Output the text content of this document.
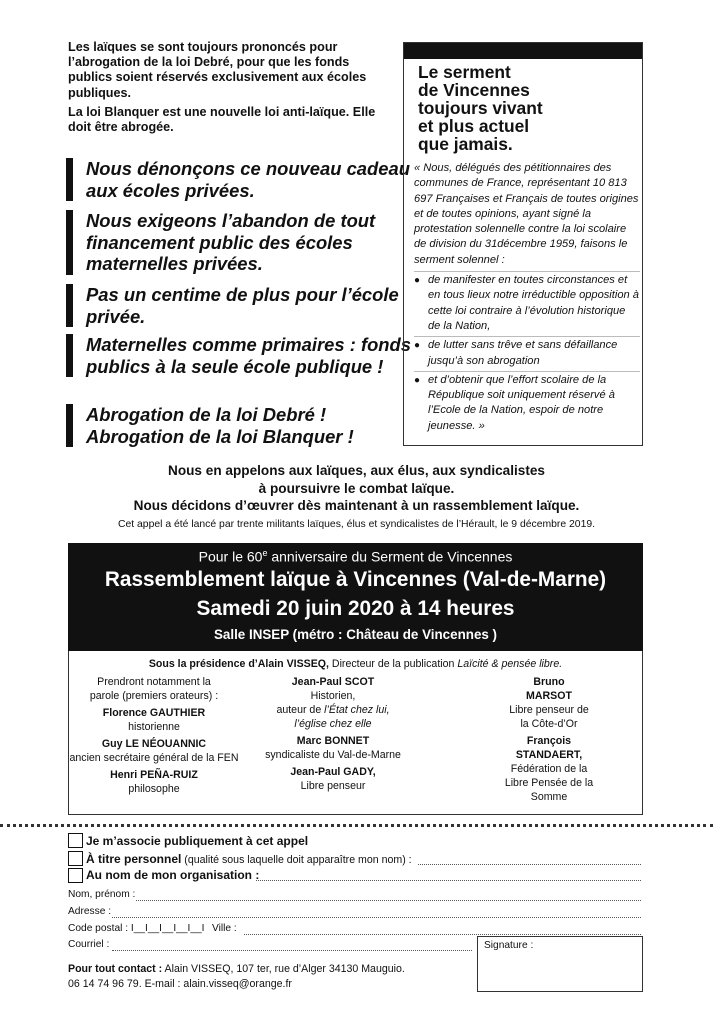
Les laïques se sont toujours prononcés pour l’abrogation de la loi Debré, pour que les fonds publics soient réservés exclusivement aux écoles publiques.

La loi Blanquer est une nouvelle loi anti-laïque. Elle doit être abrogée.

Nous dénonçons ce nouveau cadeau aux écoles privées.
Nous exigeons l’abandon de tout financement public des écoles maternelles privées.
Pas un centime de plus pour l’école privée.
Maternelles comme primaires : fonds publics à la seule école publique !
Abrogation de la loi Debré ! Abrogation de la loi Blanquer !
Le serment
de Vincennes
toujours vivant
et plus actuel
que jamais.

« Nous, délégués des pétitionnaires des communes de France, représentant 10 813 697 Françaises et Français de toutes origines et de toutes opinions, ayant signé la protestation solennelle contre la loi scolaire de division du 31décembre 1959, faisons le serment solennel :

● de manifester en toutes circonstances et en tous lieux notre irréductible opposition à cette loi contraire à l’évolution historique de la Nation,
● de lutter sans trêve et sans défaillance jusqu’à son abrogation
● et d’obtenir que l’effort scolaire de la République soit uniquement réservé à l’Ecole de la Nation, espoir de notre jeunesse. »
Nous en appelons aux laïques, aux élus, aux syndicalistes
à poursuivre le combat laïque.
Nous décidons d’œuvrer dès maintenant à un rassemblement laïque.
Cet appel a été lancé par trente militants laïques, élus et syndicalistes de l’Hérault, le 9 décembre 2019.
Pour le 60e anniversaire du Serment de Vincennes
Rassemblement laïque à Vincennes (Val-de-Marne)
Samedi 20 juin 2020 à 14 heures
Salle INSEP (métro : Château de Vincennes )
Sous la présidence d’Alain VISSEQ, Directeur de la publication Laïcité & pensée libre.

Prendront notamment la parole (premiers orateurs) :

Florence GAUTHIER
historienne

Guy LE NÉOUANNIC
ancien secrétaire général de la FEN

Henri PEÑA-RUIZ
philosophe

Jean-Paul SCOT
Historien,
auteur de l’État chez lui, l’église chez elle

Marc BONNET
syndicaliste du Val-de-Marne

Jean-Paul GADY,
Libre penseur

Bruno MARSOT
Libre penseur de la Côte-d’Or

François STANDAERT,
Fédération de la Libre Pensée de la Somme

Je m’associe publiquement à cet appel
À titre personnel (qualité sous laquelle doit apparaître mon nom) :
Au nom de mon organisation :
Nom, prénom :
Adresse :
Code postal : I__I__I__I__I__I Ville :
Courriel :	Signature :
Pour tout contact : Alain VISSEQ, 107 ter, rue d’Alger 34130 Mauguio.
06 14 74 96 79. E-mail : alain.visseq@orange.fr
